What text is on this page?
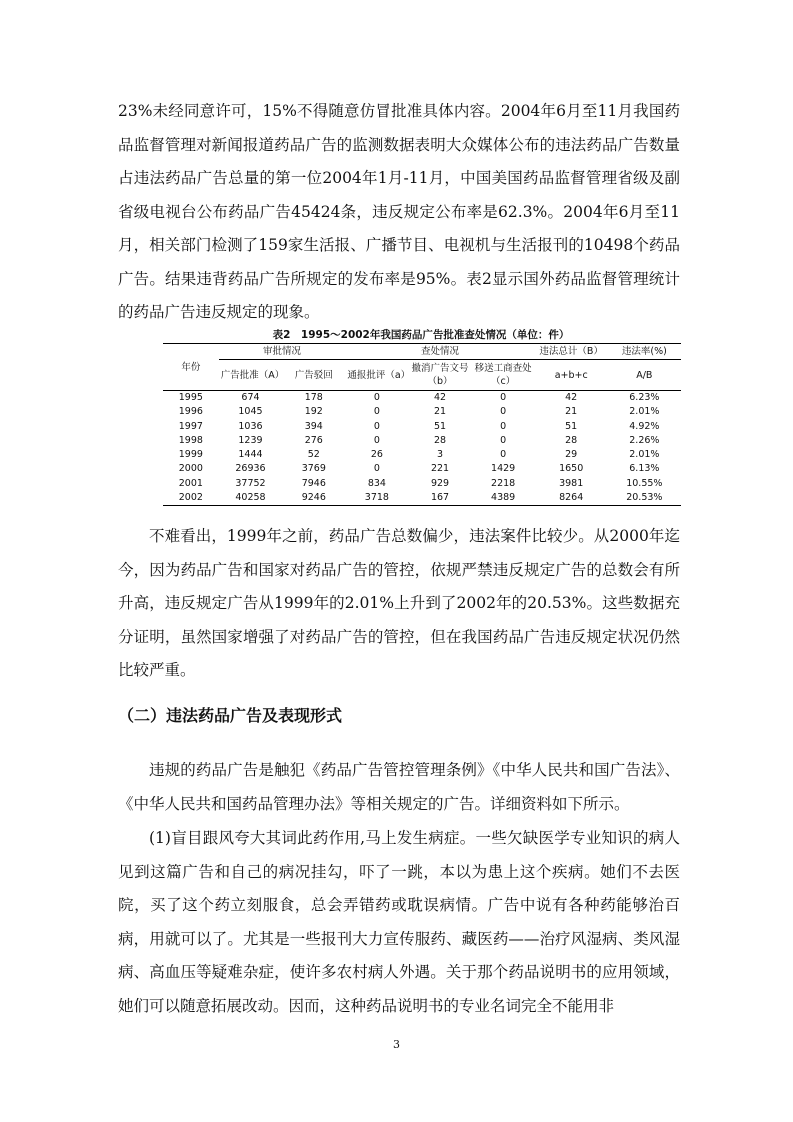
23%未经同意许可，15%不得随意仿冒批准具体内容。2004年6月至11月我国药品监督管理对新闻报道药品广告的监测数据表明大众媒体公布的违法药品广告数量占违法药品广告总量的第一位2004年1月-11月，中国美国药品监督管理省级及副省级电视台公布药品广告45424条，违反规定公布率是62.3%。2004年6月至11月，相关部门检测了159家生活报、广播节目、电视机与生活报刊的10498个药品广告。结果违背药品广告所规定的发布率是95%。表2显示国外药品监督管理统计的药品广告违反规定的现象。

表2　1995～2002年我国药品广告批准查处情况（单位：件）
年份	审批情况		查处情况			违法总计（B）	违法率(%)
	广告批准（A）	广告驳回	通报批评（a）	撤消广告文号（b）	移送工商查处（c）	a+b+c	A/B
1995	674	178	0	42	0	42	6.23%
1996	1045	192	0	21	0	21	2.01%
1997	1036	394	0	51	0	51	4.92%
1998	1239	276	0	28	0	28	2.26%
1999	1444	52	26	3	0	29	2.01%
2000	26936	3769	0	221	1429	1650	6.13%
2001	37752	7946	834	929	2218	3981	10.55%
2002	40258	9246	3718	167	4389	8264	20.53%

不难看出，1999年之前，药品广告总数偏少，违法案件比较少。从2000年迄今，因为药品广告和国家对药品广告的管控，依规严禁违反规定广告的总数会有所升高，违反规定广告从1999年的2.01%上升到了2002年的20.53%。这些数据充分证明，虽然国家增强了对药品广告的管控，但在我国药品广告违反规定状况仍然比较严重。

（二）违法药品广告及表现形式

违规的药品广告是触犯《药品广告管控管理条例》《中华人民共和国广告法》、《中华人民共和国药品管理办法》等相关规定的广告。详细资料如下所示。

(1)盲目跟风夸大其词此药作用,马上发生病症。一些欠缺医学专业知识的病人见到这篇广告和自己的病况挂勾，吓了一跳，本以为患上这个疾病。她们不去医院，买了这个药立刻服食，总会弄错药或耽误病情。广告中说有各种药能够治百病，用就可以了。尤其是一些报刊大力宣传服药、藏医药——治疗风湿病、类风湿病、高血压等疑难杂症，使许多农村病人外遇。关于那个药品说明书的应用领域，她们可以随意拓展改动。因而，这种药品说明书的专业名词完全不能用非

3
